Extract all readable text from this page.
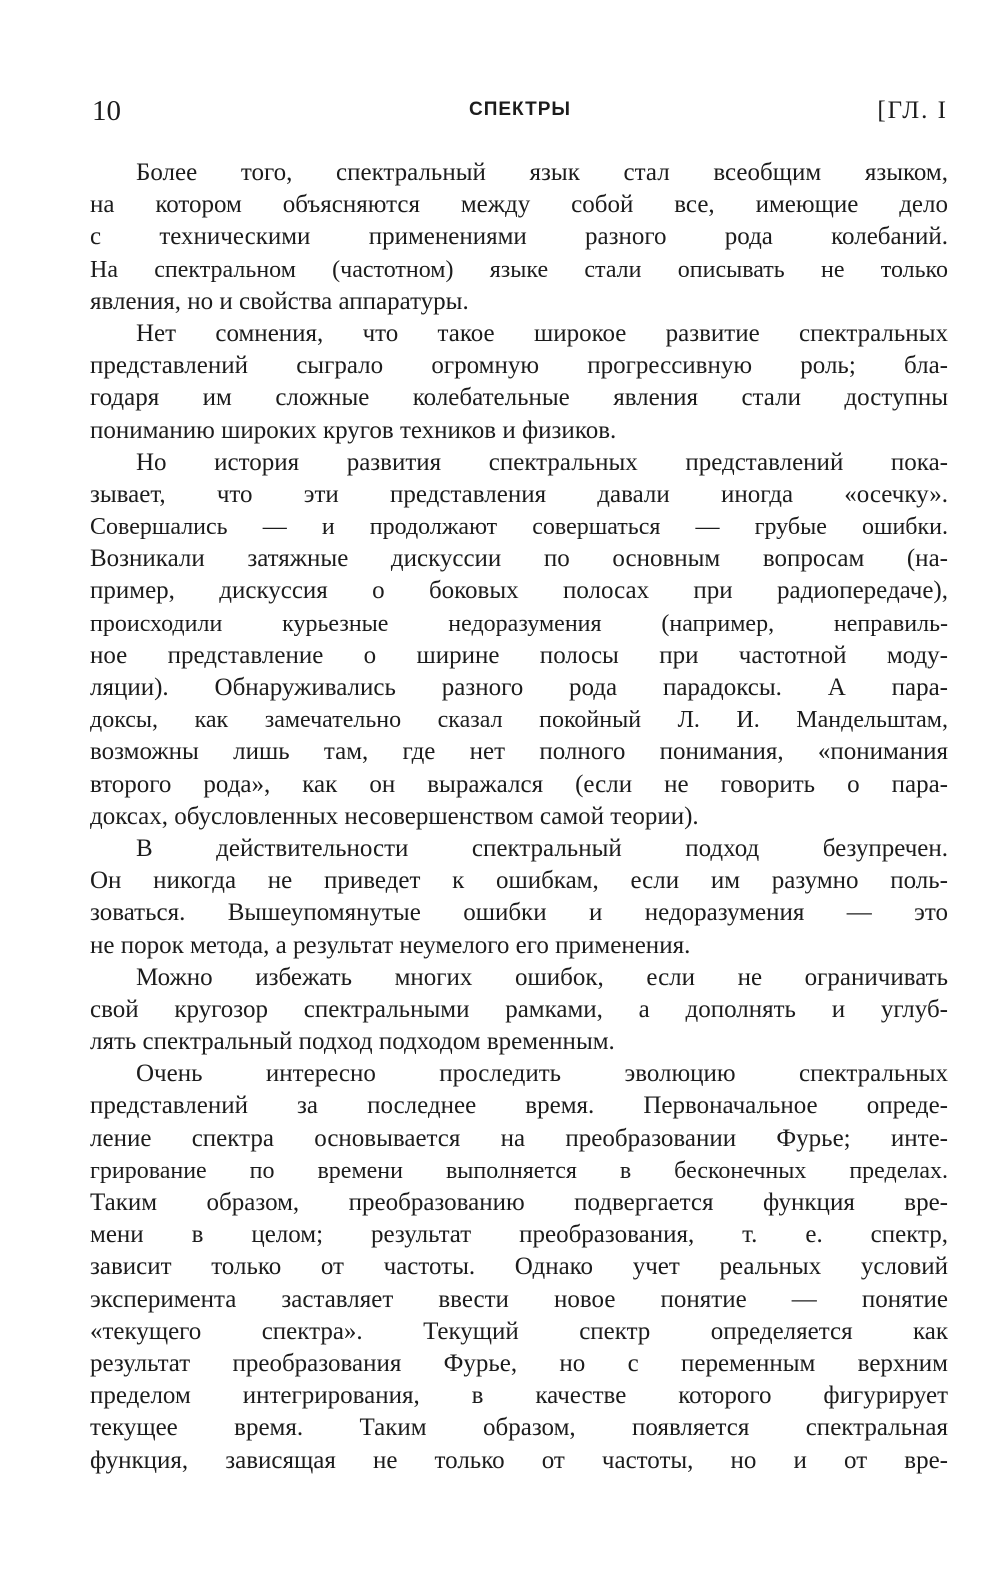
10	СПЕКТРЫ	[ГЛ. I
Более того, спектральный язык стал всеобщим языком,
на котором объясняются между собой все, имеющие дело
с техническими применениями разного рода колебаний.
На спектральном (частотном) языке стали описывать не только
явления, но и свойства аппаратуры.
Нет сомнения, что такое широкое развитие спектральных
представлений сыграло огромную прогрессивную роль; бла-
годаря им сложные колебательные явления стали доступны
пониманию широких кругов техников и физиков.
Но история развития спектральных представлений пока-
зывает, что эти представления давали иногда «осечку».
Совершались — и продолжают совершаться — грубые ошибки.
Возникали затяжные дискуссии по основным вопросам (на-
пример, дискуссия о боковых полосах при радиопередаче),
происходили курьезные недоразумения (например, неправиль-
ное представление о ширине полосы при частотной моду-
ляции). Обнаруживались разного рода парадоксы. А пара-
доксы, как замечательно сказал покойный Л. И. Мандельштам,
возможны лишь там, где нет полного понимания, «понимания
второго рода», как он выражался (если не говорить о пара-
доксах, обусловленных несовершенством самой теории).
В действительности спектральный подход безупречен.
Он никогда не приведет к ошибкам, если им разумно поль-
зоваться. Вышеупомянутые ошибки и недоразумения — это
не порок метода, а результат неумелого его применения.
Можно избежать многих ошибок, если не ограничивать
свой кругозор спектральными рамками, а дополнять и углуб-
лять спектральный подход подходом временным.
Очень интересно проследить эволюцию спектральных
представлений за последнее время. Первоначальное опреде-
ление спектра основывается на преобразовании Фурье; инте-
грирование по времени выполняется в бесконечных пределах.
Таким образом, преобразованию подвергается функция вре-
мени в целом; результат преобразования, т. е. спектр,
зависит только от частоты. Однако учет реальных условий
эксперимента заставляет ввести новое понятие — понятие
«текущего спектра». Текущий спектр определяется как
результат преобразования Фурье, но с переменным верхним
пределом интегрирования, в качестве которого фигурирует
текущее время. Таким образом, появляется спектральная
функция, зависящая не только от частоты, но и от вре-
